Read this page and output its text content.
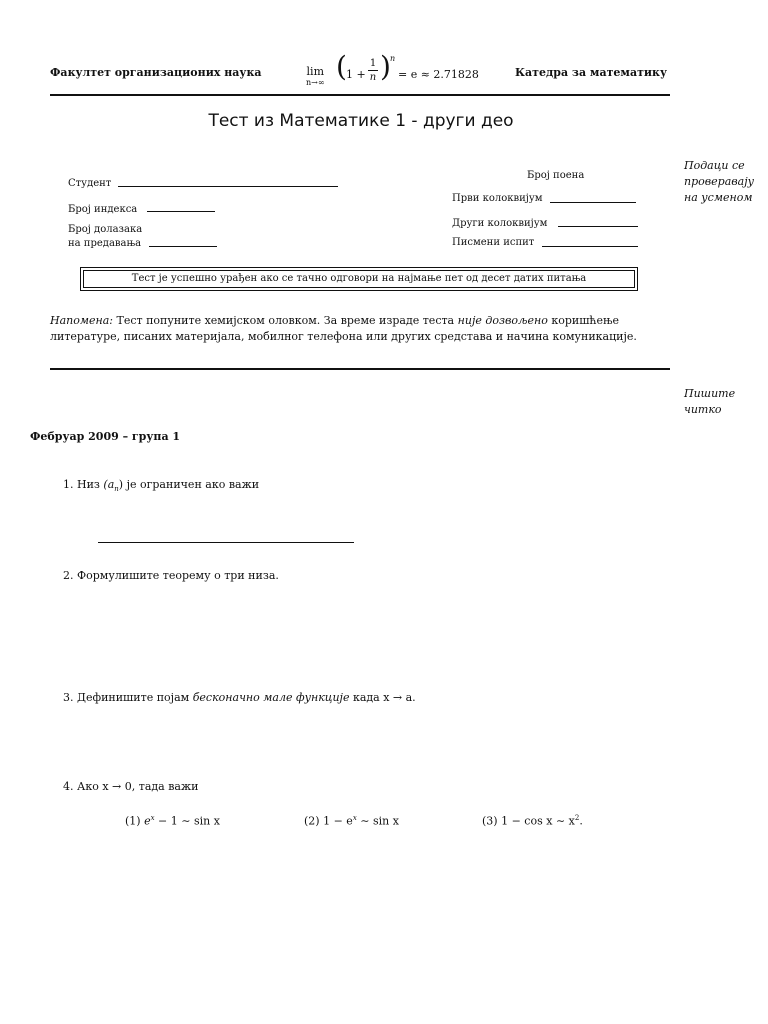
Факултет организационих наука	lim
n→∞ ( 1 +
1
n ) n
= e ≈ 2.71828	Катедра за математику
Тест из Математике 1 - други део
Подаци се
проверавају
на усменом
Студент
Број индекса
Број долазака
на предавања
Број поена
Први колоквијум
Други колоквијум
Писмени испит
Тест је успешно урађен ако се тачно одговори на најмање пет од десет датих питања
Напомена: Тест попуните хемијском оловком. За време израде теста није дозвољено коришћење литературе, писаних материјала, мобилног телефона или других средстава и начина комуникације.
Пишите
читко
Фебруар 2009 – група 1
1. Низ $(a_n)$ је ограничен ако важи
2. Формулишите теорему о три низа.
3. Дефинишите појам бесконачно мале функције када x → a.
4. Ако x → 0, тада важи
(1) $e^x - 1$ ∼ sin x	(2) $1 - e^x$ ∼ sin x	(3) 1 − cos x ∼ $x^2$.
